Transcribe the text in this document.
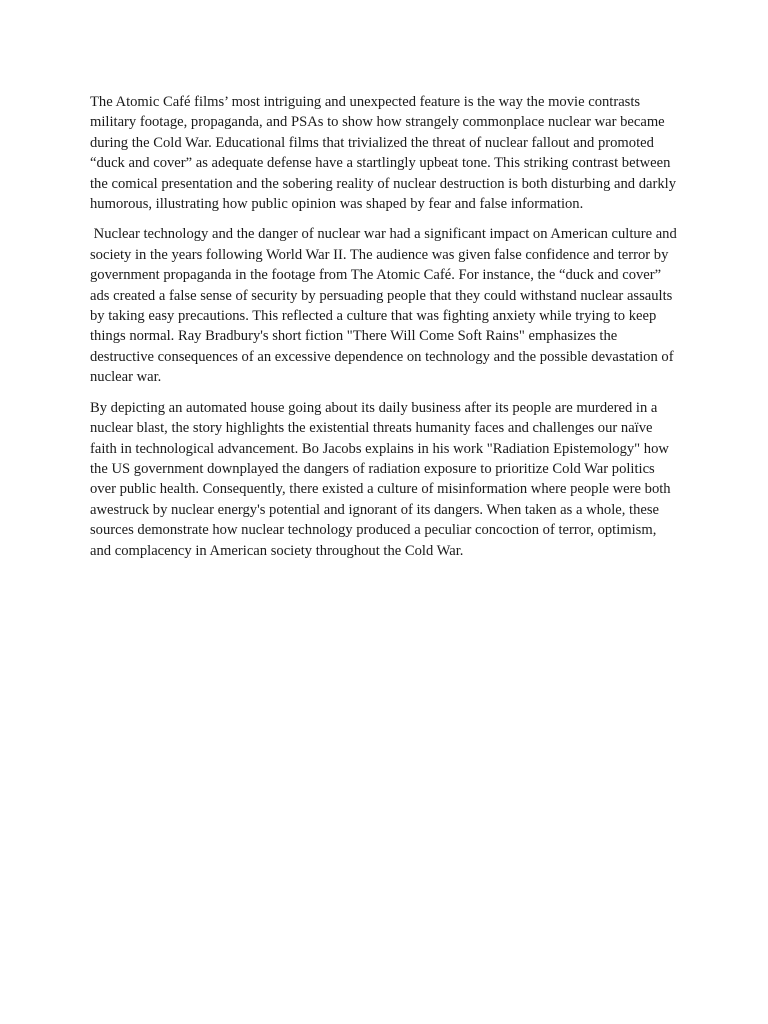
The Atomic Café films’ most intriguing and unexpected feature is the way the movie contrasts military footage, propaganda, and PSAs to show how strangely commonplace nuclear war became during the Cold War. Educational films that trivialized the threat of nuclear fallout and promoted “duck and cover” as adequate defense have a startlingly upbeat tone. This striking contrast between the comical presentation and the sobering reality of nuclear destruction is both disturbing and darkly humorous, illustrating how public opinion was shaped by fear and false information.

Nuclear technology and the danger of nuclear war had a significant impact on American culture and society in the years following World War II. The audience was given false confidence and terror by government propaganda in the footage from The Atomic Café. For instance, the “duck and cover” ads created a false sense of security by persuading people that they could withstand nuclear assaults by taking easy precautions. This reflected a culture that was fighting anxiety while trying to keep things normal. Ray Bradbury's short fiction "There Will Come Soft Rains" emphasizes the destructive consequences of an excessive dependence on technology and the possible devastation of nuclear war.

By depicting an automated house going about its daily business after its people are murdered in a nuclear blast, the story highlights the existential threats humanity faces and challenges our naïve faith in technological advancement. Bo Jacobs explains in his work "Radiation Epistemology" how the US government downplayed the dangers of radiation exposure to prioritize Cold War politics over public health. Consequently, there existed a culture of misinformation where people were both awestruck by nuclear energy's potential and ignorant of its dangers. When taken as a whole, these sources demonstrate how nuclear technology produced a peculiar concoction of terror, optimism, and complacency in American society throughout the Cold War.
